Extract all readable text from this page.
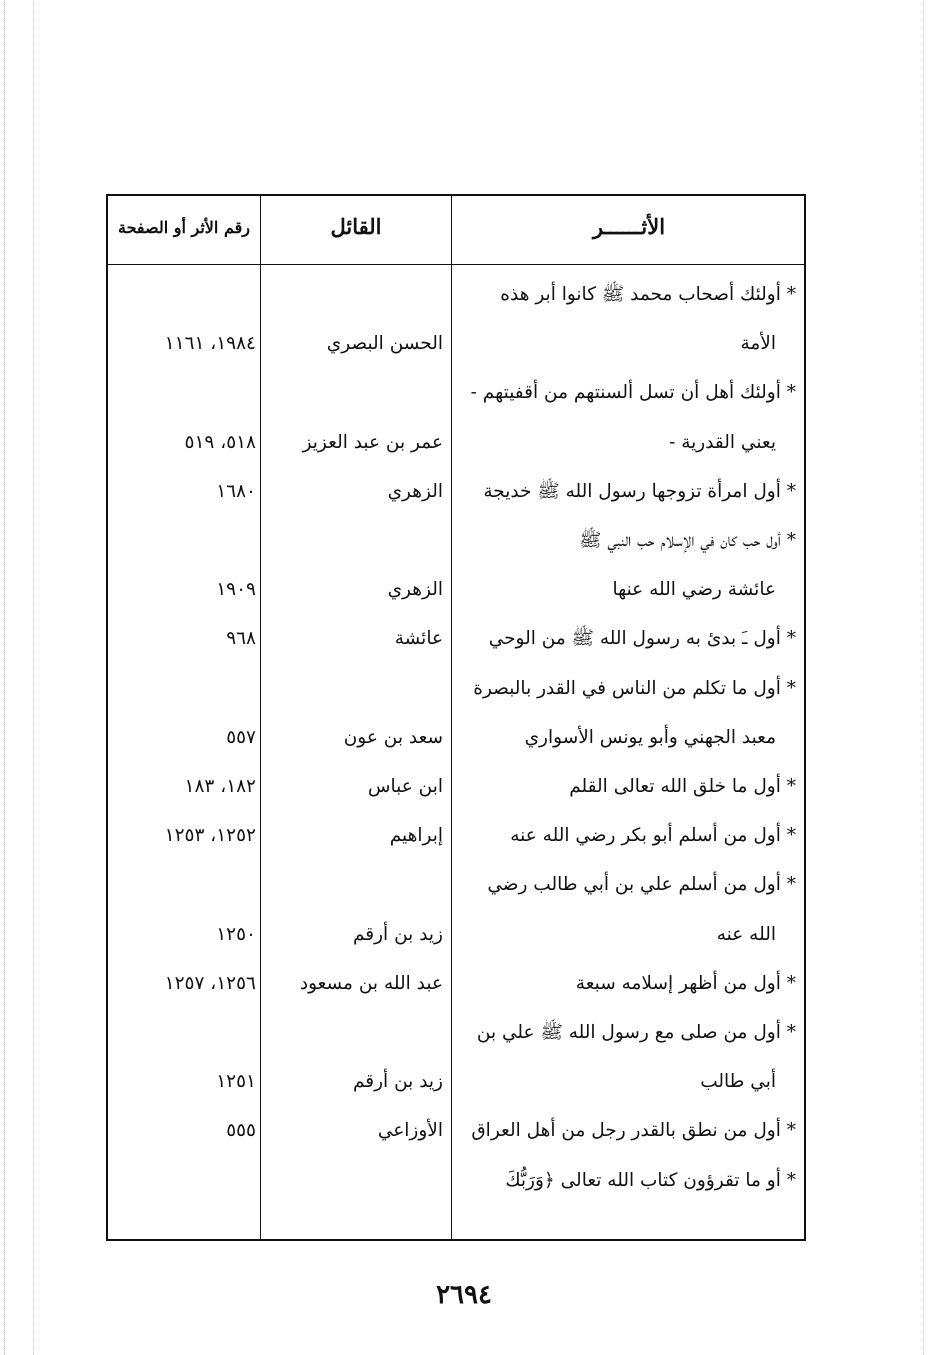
الأثــــــر
القائل
رقم الأثر أو الصفحة
* أولئك أصحاب محمد ﷺ كانوا أبر هذه
الأمة
الحسن البصري
١٩٨٤، ١١٦١
* أولئك أهل أن تسل ألسنتهم من أقفيتهم -
يعني القدرية -
عمر بن عبد العزيز
٥١٨، ٥١٩
* أول امرأة تزوجها رسول الله ﷺ خديجة
الزهري
١٦٨٠
* أول حب كان في الإسلام حب النبي ﷺ
عائشة رضي الله عنها
الزهري
١٩٠٩
* أول ﹷ ﺑﺪﺉ ﺑﻪ رسول الله ﷺ من الوحي
عائشة
٩٦٨
* أول ما تكلم من الناس في القدر بالبصرة
معبد الجهني وأبو يونس الأسواري
سعد بن عون
٥٥٧
* أول ما خلق الله تعالى القلم
ابن عباس
١٨٢، ١٨٣
* أول من أسلم أبو بكر رضي الله عنه
إبراهيم
١٢٥٢، ١٢٥٣
* أول من أسلم علي بن أبي طالب رضي
الله عنه
زيد بن أرقم
١٢٥٠
* أول من أظهر إسلامه سبعة
عبد الله بن مسعود
١٢٥٦، ١٢٥٧
* أول من صلى مع رسول الله ﷺ علي بن
أبي طالب
زيد بن أرقم
١٢٥١
* أول من نطق بالقدر رجل من أهل العراق
الأوزاعي
٥٥٥
* أو ما تقرؤون كتاب الله تعالى ﴿وَرَبُّكَ
٢٦٩٤
